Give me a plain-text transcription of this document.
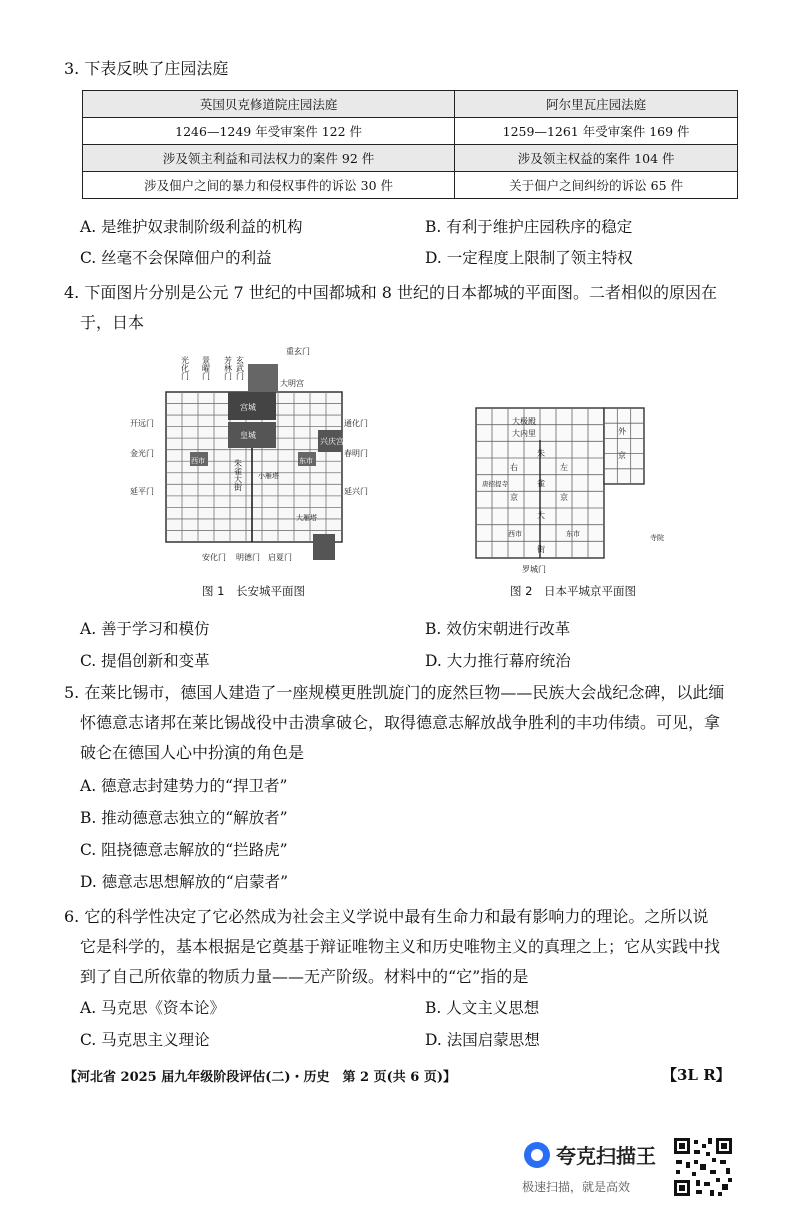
3. 下表反映了庄园法庭
英国贝克修道院庄园法庭	阿尔里瓦庄园法庭
1246—1249 年受审案件 122 件	1259—1261 年受审案件 169 件
涉及领主利益和司法权力的案件 92 件	涉及领主权益的案件 104 件
涉及佃户之间的暴力和侵权事件的诉讼 30 件	关于佃户之间纠纷的诉讼 65 件
A. 是维护奴隶制阶级利益的机构	B. 有利于维护庄园秩序的稳定
C. 丝毫不会保障佃户的利益	D. 一定程度上限制了领主特权
4. 下面图片分别是公元 7 世纪的中国都城和 8 世纪的日本都城的平面图。二者相似的原因在
于，日本
光化门 景曜门 芳林门 玄武门
重玄门
大明宫
宫城
皇城
兴庆宫
开远门
金光门
延平门
通化门
春明门
延兴门
西市	东市
朱雀大街 小雁塔
大雁塔
安化门 明德门 启夏门
图 1　长安城平面图
大极殿
大内里
朱
右	左
雀
京	京
大
街
外
京
西市	东市
唐招提寺
罗城门
寺院
图 2　日本平城京平面图
A. 善于学习和模仿	B. 效仿宋朝进行改革
C. 提倡创新和变革	D. 大力推行幕府统治
5. 在莱比锡市，德国人建造了一座规模更胜凯旋门的庞然巨物——民族大会战纪念碑，以此缅
怀德意志诸邦在莱比锡战役中击溃拿破仑，取得德意志解放战争胜利的丰功伟绩。可见，拿
破仑在德国人心中扮演的角色是
A. 德意志封建势力的“捍卫者”
B. 推动德意志独立的“解放者”
C. 阻挠德意志解放的“拦路虎”
D. 德意志思想解放的“启蒙者”
6. 它的科学性决定了它必然成为社会主义学说中最有生命力和最有影响力的理论。之所以说
它是科学的，基本根据是它奠基于辩证唯物主义和历史唯物主义的真理之上；它从实践中找
到了自己所依靠的物质力量——无产阶级。材料中的“它”指的是
A. 马克思《资本论》	B. 人文主义思想
C. 马克思主义理论	D. 法国启蒙思想
【河北省 2025 届九年级阶段评估(二)・历史　第 2 页(共 6 页)】	【3L R】
夸克扫描王
极速扫描，就是高效
